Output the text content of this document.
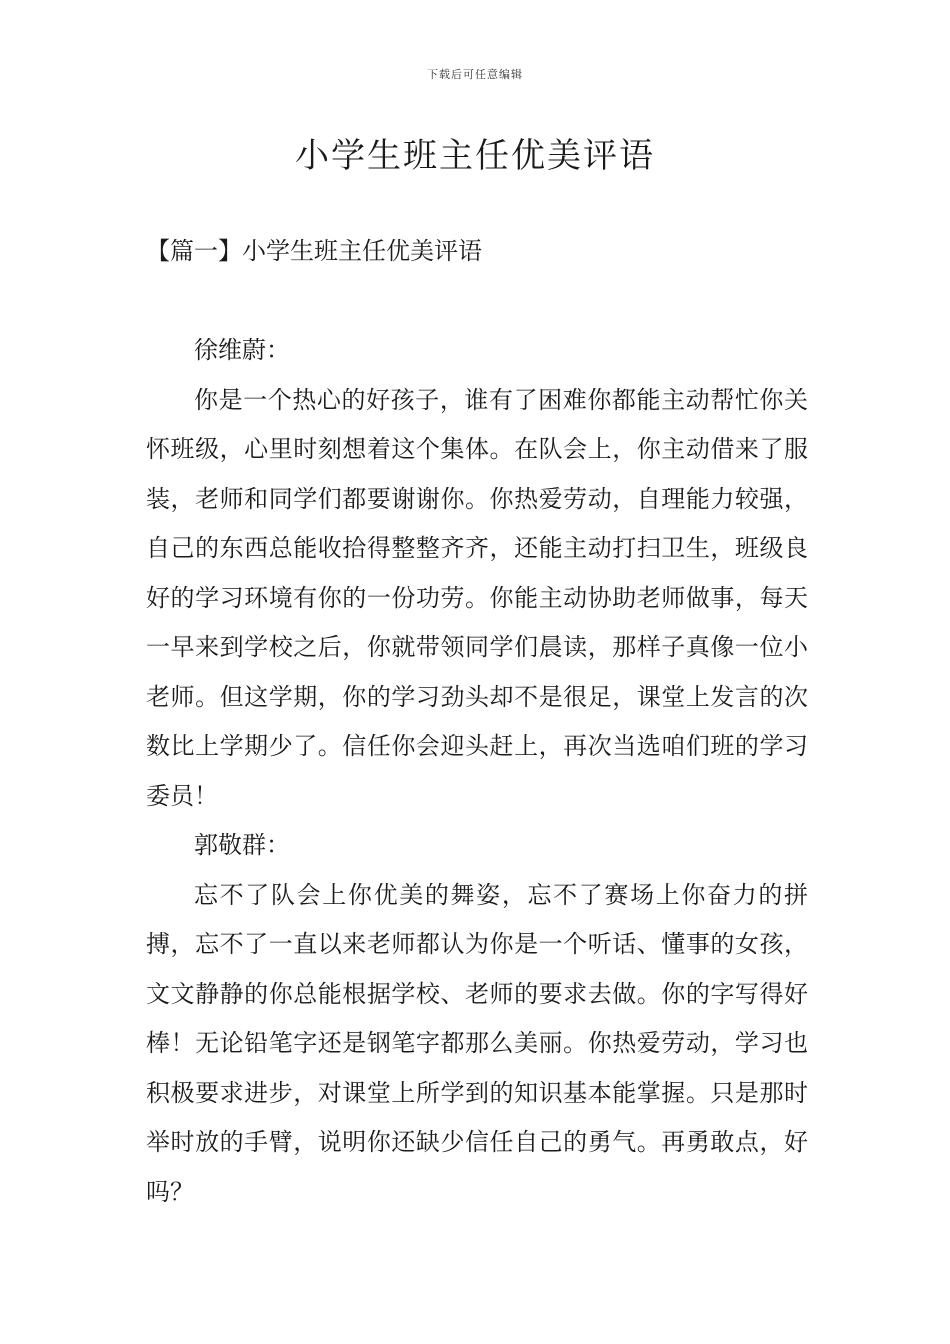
下载后可任意编辑
小学生班主任优美评语
【篇一】小学生班主任优美评语

徐维蔚：

你是一个热心的好孩子，谁有了困难你都能主动帮忙你关怀班级，心里时刻想着这个集体。在队会上，你主动借来了服装，老师和同学们都要谢谢你。你热爱劳动，自理能力较强，自己的东西总能收拾得整整齐齐，还能主动打扫卫生，班级良好的学习环境有你的一份功劳。你能主动协助老师做事，每天一早来到学校之后，你就带领同学们晨读，那样子真像一位小老师。但这学期，你的学习劲头却不是很足，课堂上发言的次数比上学期少了。信任你会迎头赶上，再次当选咱们班的学习委员！

郭敬群：

忘不了队会上你优美的舞姿，忘不了赛场上你奋力的拼搏，忘不了一直以来老师都认为你是一个听话、懂事的女孩，文文静静的你总能根据学校、老师的要求去做。你的字写得好棒！无论铅笔字还是钢笔字都那么美丽。你热爱劳动，学习也积极要求进步，对课堂上所学到的知识基本能掌握。只是那时举时放的手臂，说明你还缺少信任自己的勇气。再勇敢点，好吗？
